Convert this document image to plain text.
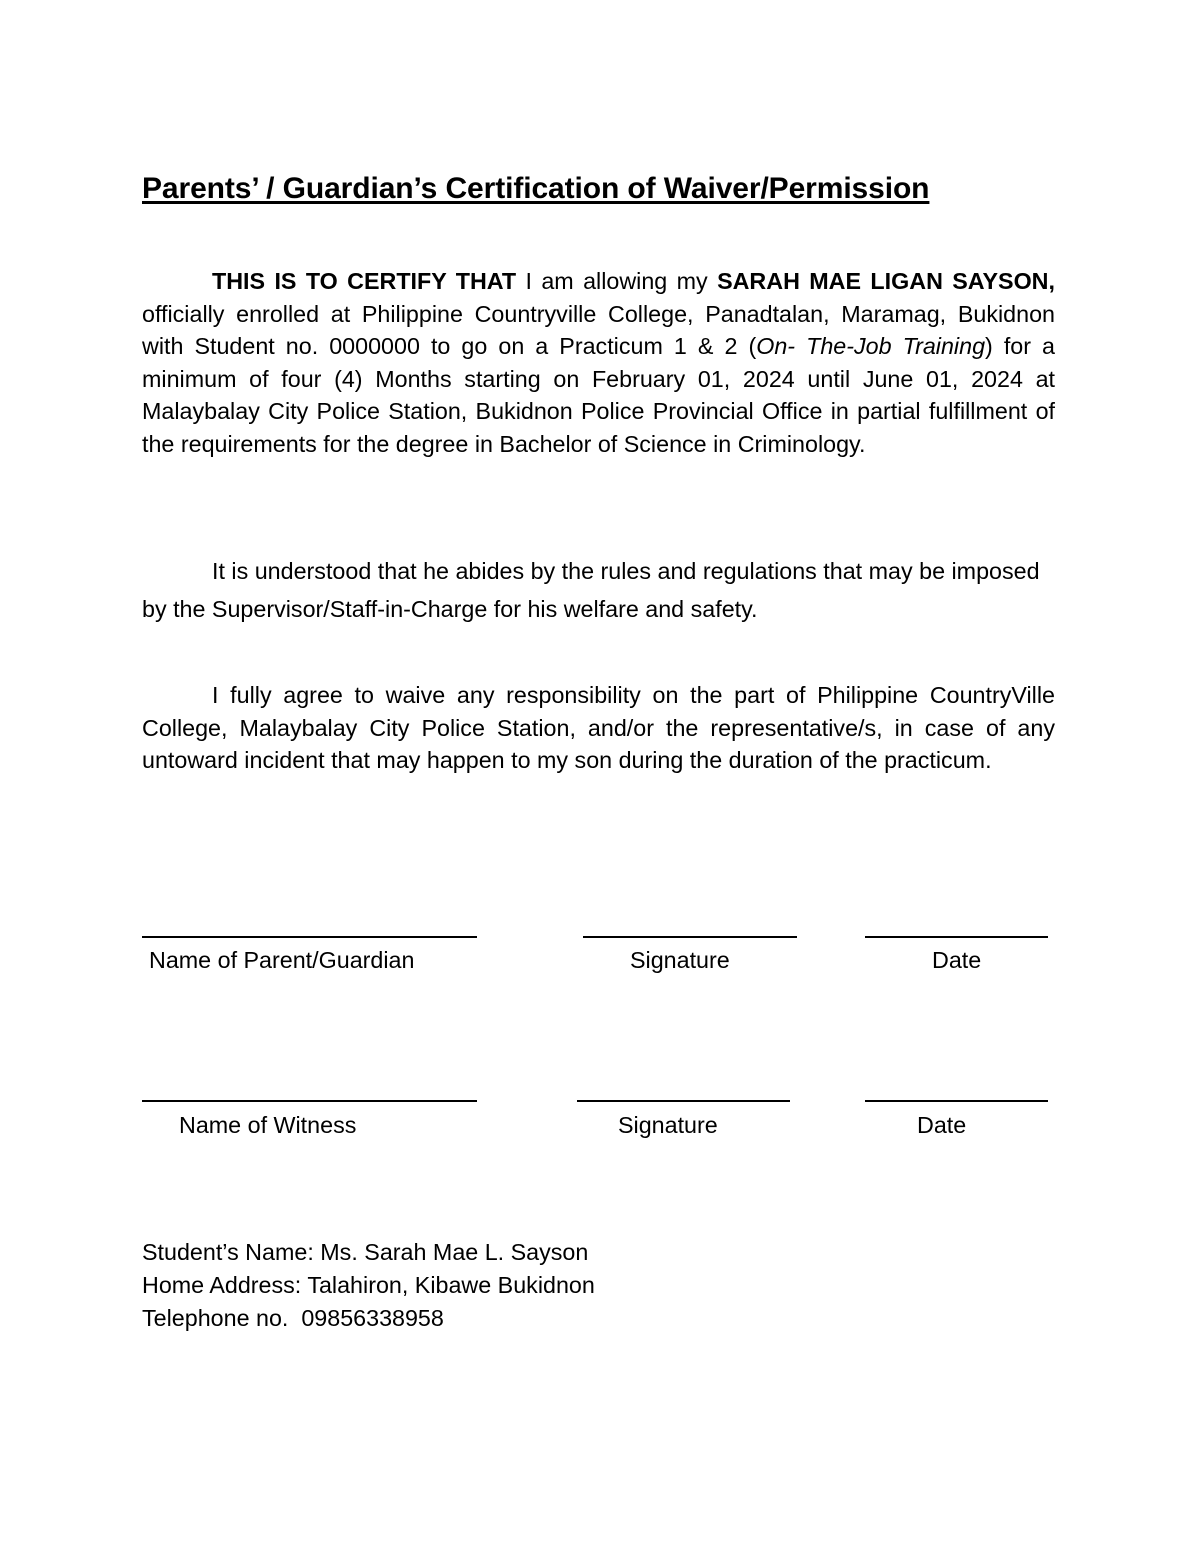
Parents’ / Guardian’s Certification of Waiver/Permission

THIS IS TO CERTIFY THAT I am allowing my SARAH MAE LIGAN SAYSON, officially enrolled at Philippine Countryville College, Panadtalan, Maramag, Bukidnon with Student no. 0000000 to go on a Practicum 1 & 2 (On- The-Job Training) for a minimum of four (4) Months starting on February 01, 2024 until June 01, 2024 at Malaybalay City Police Station, Bukidnon Police Provincial Office in partial fulfillment of the requirements for the degree in Bachelor of Science in Criminology.

It is understood that he abides by the rules and regulations that may be imposed by the Supervisor/Staff-in-Charge for his welfare and safety.

I fully agree to waive any responsibility on the part of Philippine CountryVille College, Malaybalay City Police Station, and/or the representative/s, in case of any untoward incident that may happen to my son during the duration of the practicum.

Name of Parent/Guardian	Signature	Date
Name of Witness	Signature	Date
Student’s Name: Ms. Sarah Mae L. Sayson
Home Address: Talahiron, Kibawe Bukidnon
Telephone no.  09856338958
